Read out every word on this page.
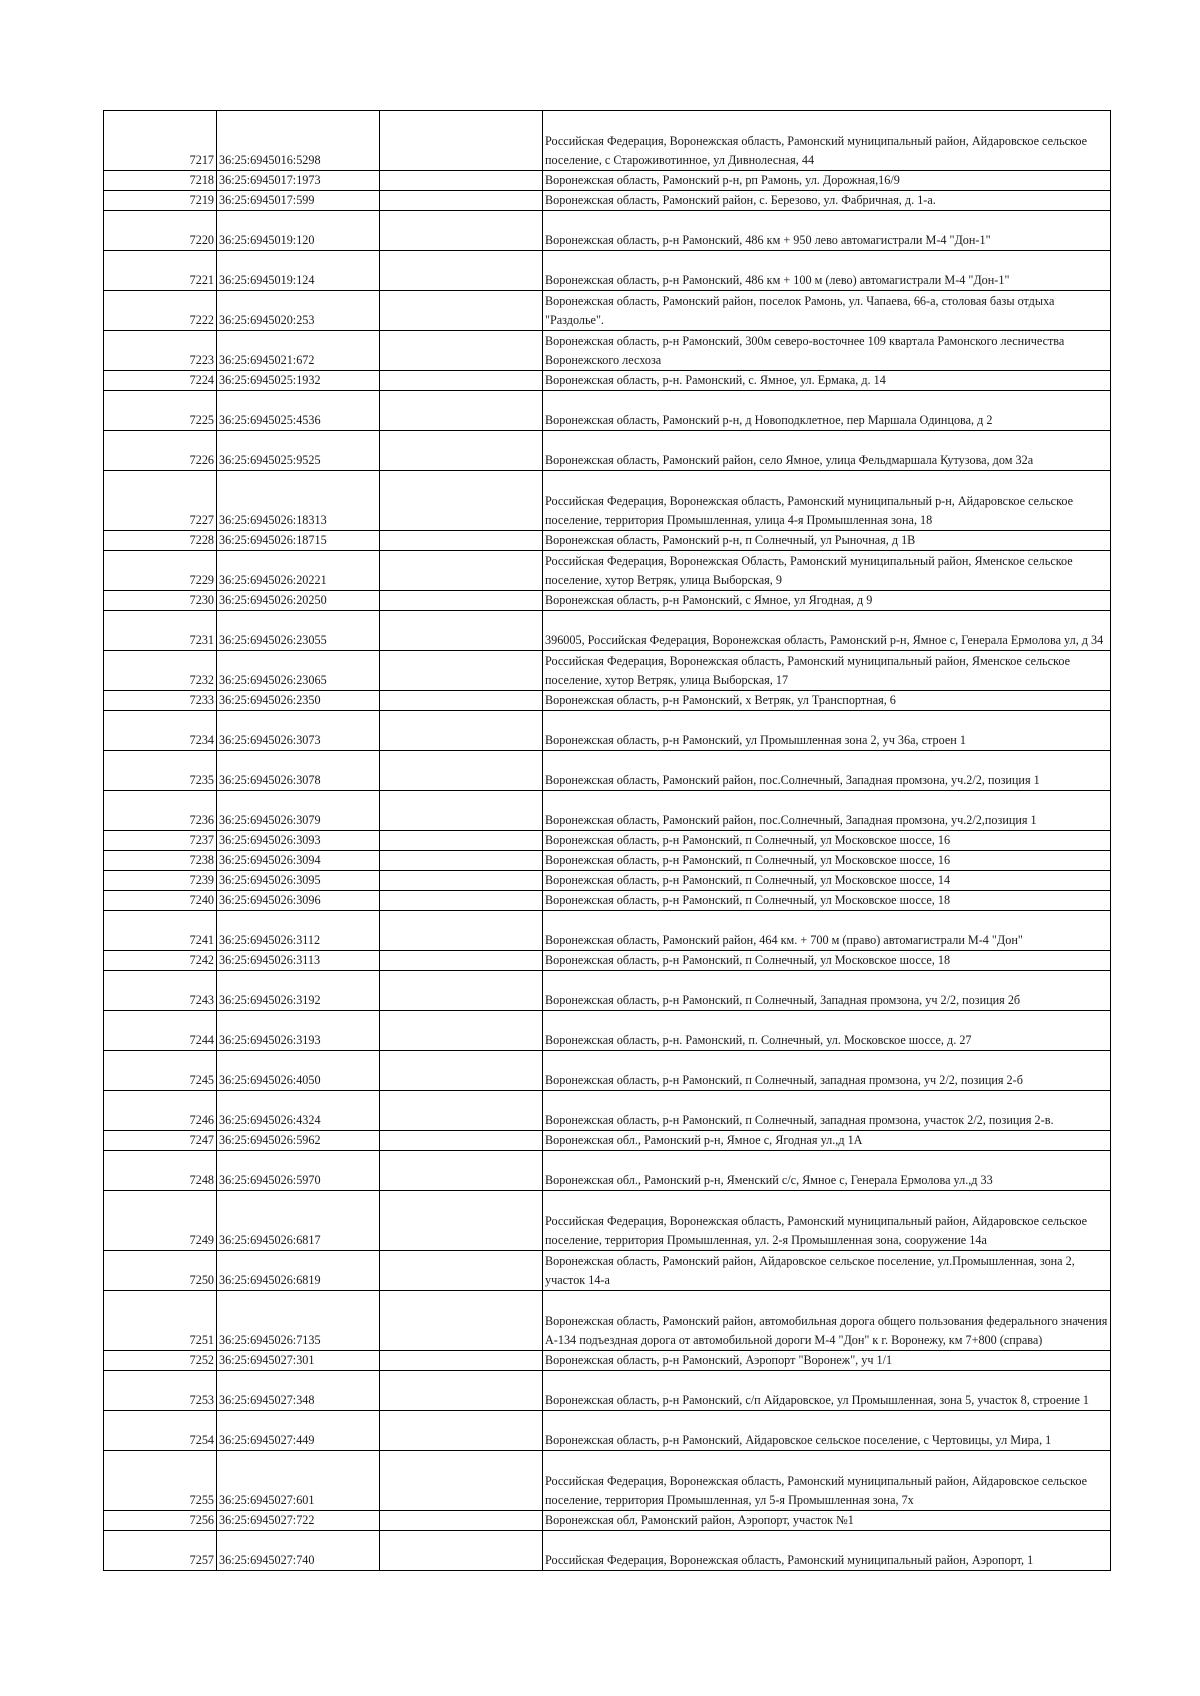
7217	36:25:6945016:5298		Российская Федерация, Воронежская область, Рамонский муниципальный район, Айдаровское сельское поселение, с Староживотинное, ул Дивнолесная, 44
7218	36:25:6945017:1973		Воронежская область, Рамонский р-н, рп Рамонь, ул. Дорожная,16/9
7219	36:25:6945017:599		Воронежская область, Рамонский район, с. Березово, ул. Фабричная, д. 1-а.
7220	36:25:6945019:120		Воронежская область, р-н Рамонский, 486 км + 950 лево автомагистрали М-4 "Дон-1"
7221	36:25:6945019:124		Воронежская область, р-н Рамонский, 486 км + 100 м (лево) автомагистрали М-4 "Дон-1"
7222	36:25:6945020:253		Воронежская область, Рамонский район, поселок Рамонь, ул. Чапаева, 66-а, столовая базы отдыха "Раздолье".
7223	36:25:6945021:672		Воронежская область, р-н Рамонский, 300м северо-восточнее 109 квартала Рамонского лесничества Воронежского лесхоза
7224	36:25:6945025:1932		Воронежская область, р-н. Рамонский, с. Ямное, ул. Ермака, д. 14
7225	36:25:6945025:4536		Воронежская область, Рамонский р-н, д Новоподклетное, пер Маршала Одинцова, д 2
7226	36:25:6945025:9525		Воронежская область, Рамонский район, село Ямное, улица Фельдмаршала Кутузова, дом 32а
7227	36:25:6945026:18313		Российская Федерация, Воронежская область, Рамонский муниципальный р-н, Айдаровское сельское поселение, территория Промышленная, улица 4-я Промышленная зона, 18
7228	36:25:6945026:18715		Воронежская область, Рамонский р-н, п Солнечный, ул Рыночная, д 1В
7229	36:25:6945026:20221		Российская Федерация, Воронежская Область, Рамонский муниципальный район, Яменское сельское поселение, хутор Ветряк, улица Выборская, 9
7230	36:25:6945026:20250		Воронежская область, р-н Рамонский, с Ямное, ул Ягодная, д 9
7231	36:25:6945026:23055		396005, Российская Федерация, Воронежская область, Рамонский р-н, Ямное с, Генерала Ермолова ул, д 34
7232	36:25:6945026:23065		Российская Федерация, Воронежская область, Рамонский муниципальный район, Яменское сельское поселение, хутор Ветряк, улица Выборская, 17
7233	36:25:6945026:2350		Воронежская область, р-н Рамонский, х Ветряк, ул Транспортная, 6
7234	36:25:6945026:3073		Воронежская область, р-н Рамонский, ул Промышленная зона 2, уч 36а, строен 1
7235	36:25:6945026:3078		Воронежская область, Рамонский район, пос.Солнечный, Западная промзона, уч.2/2, позиция 1
7236	36:25:6945026:3079		Воронежская область, Рамонский район, пос.Солнечный, Западная промзона, уч.2/2,позиция 1
7237	36:25:6945026:3093		Воронежская область, р-н Рамонский, п Солнечный, ул Московское шоссе, 16
7238	36:25:6945026:3094		Воронежская область, р-н Рамонский, п Солнечный, ул Московское шоссе, 16
7239	36:25:6945026:3095		Воронежская область, р-н Рамонский, п Солнечный, ул Московское шоссе, 14
7240	36:25:6945026:3096		Воронежская область, р-н Рамонский, п Солнечный, ул Московское шоссе, 18
7241	36:25:6945026:3112		Воронежская область, Рамонский район, 464 км. + 700 м (право) автомагистрали М-4 "Дон"
7242	36:25:6945026:3113		Воронежская область, р-н Рамонский, п Солнечный, ул Московское шоссе, 18
7243	36:25:6945026:3192		Воронежская область, р-н Рамонский, п Солнечный, Западная промзона, уч 2/2, позиция 2б
7244	36:25:6945026:3193		Воронежская область, р-н. Рамонский, п. Солнечный, ул. Московское шоссе, д. 27
7245	36:25:6945026:4050		Воронежская область, р-н Рамонский, п Солнечный, западная промзона, уч 2/2, позиция 2-б
7246	36:25:6945026:4324		Воронежская область, р-н Рамонский, п Солнечный, западная промзона, участок 2/2, позиция 2-в.
7247	36:25:6945026:5962		Воронежская обл., Рамонский р-н, Ямное с, Ягодная ул.,д 1А
7248	36:25:6945026:5970		Воронежская обл., Рамонский р-н, Яменский с/с, Ямное с, Генерала Ермолова ул.,д 33
7249	36:25:6945026:6817		Российская Федерация, Воронежская область, Рамонский муниципальный район, Айдаровское сельское поселение, территория Промышленная, ул. 2-я Промышленная зона, сооружение 14а
7250	36:25:6945026:6819		Воронежская область, Рамонский район, Айдаровское сельское поселение, ул.Промышленная, зона 2, участок 14-а
7251	36:25:6945026:7135		Воронежская область, Рамонский район, автомобильная дорога общего пользования федерального значения А-134 подъездная дорога от автомобильной дороги М-4 "Дон" к г. Воронежу, км 7+800 (справа)
7252	36:25:6945027:301		Воронежская область, р-н Рамонский, Аэропорт "Воронеж", уч 1/1
7253	36:25:6945027:348		Воронежская область, р-н Рамонский, с/п Айдаровское, ул Промышленная, зона 5, участок 8, строение 1
7254	36:25:6945027:449		Воронежская область, р-н Рамонский, Айдаровское сельское поселение, с Чертовицы, ул Мира, 1
7255	36:25:6945027:601		Российская Федерация, Воронежская область, Рамонский муниципальный район, Айдаровское сельское поселение, территория Промышленная, ул 5-я Промышленная зона, 7х
7256	36:25:6945027:722		Воронежская обл, Рамонский район, Аэропорт, участок №1
7257	36:25:6945027:740		Российская Федерация, Воронежская область, Рамонский муниципальный район, Аэропорт, 1
